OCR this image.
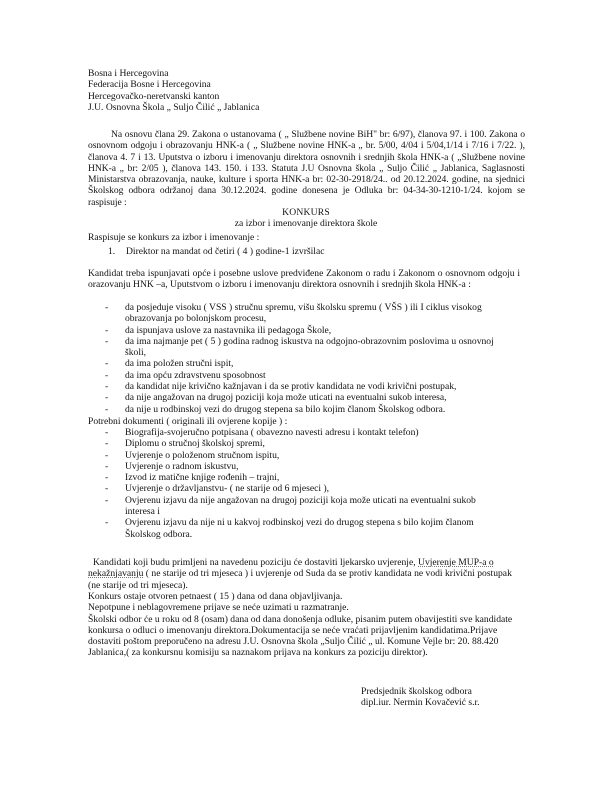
Bosna i Hercegovina
Federacija Bosne i Hercegovina
Hercegovačko-neretvanski kanton
J.U. Osnovna Škola „ Suljo Čilić „ Jablanica
Na osnovu člana 29. Zakona o ustanovama ( „ Službene novine BiH" br: 6/97), članova 97. i 100. Zakona o osnovnom odgoju i obrazovanju HNK-a ( „ Službene novine HNK-a „ br. 5/00, 4/04 i 5/04,1/14 i 7/16 i 7/22. ), članova 4. 7 i 13. Uputstva o izboru i imenovanju direktora osnovnih i srednjih škola HNK-a ( „Službene novine HNK-a „ br: 2/05 ), članova 143. 150. i 133. Statuta J.U Osnovna škola „ Suljo Čilić „ Jablanica, Saglasnosti Ministarstva obrazovanja, nauke, kulture i sporta HNK-a br: 02-30-2918/24.. od 20.12.2024. godine, na sjednici Školskog odbora održanoj dana 30.12.2024. godine donesena je Odluka br: 04-34-30-1210-1/24. kojom se raspisuje :
KONKURS
za izbor i imenovanje direktora škole
Raspisuje se konkurs za izbor i imenovanje :
1. Direktor na mandat od četiri ( 4 ) godine-1 izvršilac
Kandidat treba ispunjavati opće i posebne uslove predviđene Zakonom o radu i Zakonom o osnovnom odgoju i orazovanju HNK –a, Uputstvom o izboru i imenovanju direktora osnovnih i srednjih škola HNK-a :
- da posjeduje visoku ( VSS ) stručnu spremu, višu školsku spremu ( VŠS ) ili I ciklus visokog obrazovanja po bolonjskom procesu,
- da ispunjava uslove za nastavnika ili pedagoga Škole,
- da ima najmanje pet ( 5 ) godina radnog iskustva na odgojno-obrazovnim poslovima u osnovnoj školi,
- da ima položen stručni ispit,
- da ima opću zdravstvenu sposobnost
- da kandidat nije krivično kažnjavan i da se protiv kandidata ne vodi krivični postupak,
- da nije angažovan na drugoj poziciji koja može uticati na eventualni sukob interesa,
- da nije u rodbinskoj vezi do drugog stepena sa bilo kojim članom Školskog odbora.
Potrebni dokumenti ( originali ili ovjerene kopije ) :
- Biografija-svojeručno potpisana ( obavezno navesti adresu i kontakt telefon)
- Diplomu o stručnoj školskoj spremi,
- Uvjerenje o položenom stručnom ispitu,
- Uvjerenje o radnom iskustvu,
- Izvod iz matične knjige rođenih – trajni,
- Uvjerenje o državljanstvu- ( ne starije od 6 mjeseci ),
- Ovjerenu izjavu da nije angažovan na drugoj poziciji koja može uticati na eventualni sukob interesa i
- Ovjerenu izjavu da nije ni u kakvoj rodbinskoj vezi do drugog stepena s bilo kojim članom Školskog odbora.
Kandidati koji budu primljeni na navedenu poziciju će dostaviti ljekarsko uvjerenje, Uvjerenje MUP-a o nekažnjavanju ( ne starije od tri mjeseca ) i uvjerenje od Suda da se protiv kandidata ne vodi krivični postupak (ne starije od tri mjeseca).
Konkurs ostaje otvoren petnaest ( 15 ) dana od dana objavljivanja.
Nepotpune i neblagovremene prijave se neće uzimati u razmatranje.
Školski odbor će u roku od 8 (osam) dana od dana donošenja odluke, pisanim putem obavijestiti sve kandidate konkursa o odluci o imenovanju direktora.Dokumentacija se neće vraćati prijavljenim kandidatima.Prijave dostaviti poštom preporučeno na adresu J.U. Osnovna škola „Suljo Čilić „ ul. Komune Vejle br: 20. 88.420 Jablanica,( za konkursnu komisiju sa naznakom prijava na konkurs za poziciju direktor).
Predsjednik školskog odbora
dipl.iur. Nermin Kovačević s.r.
